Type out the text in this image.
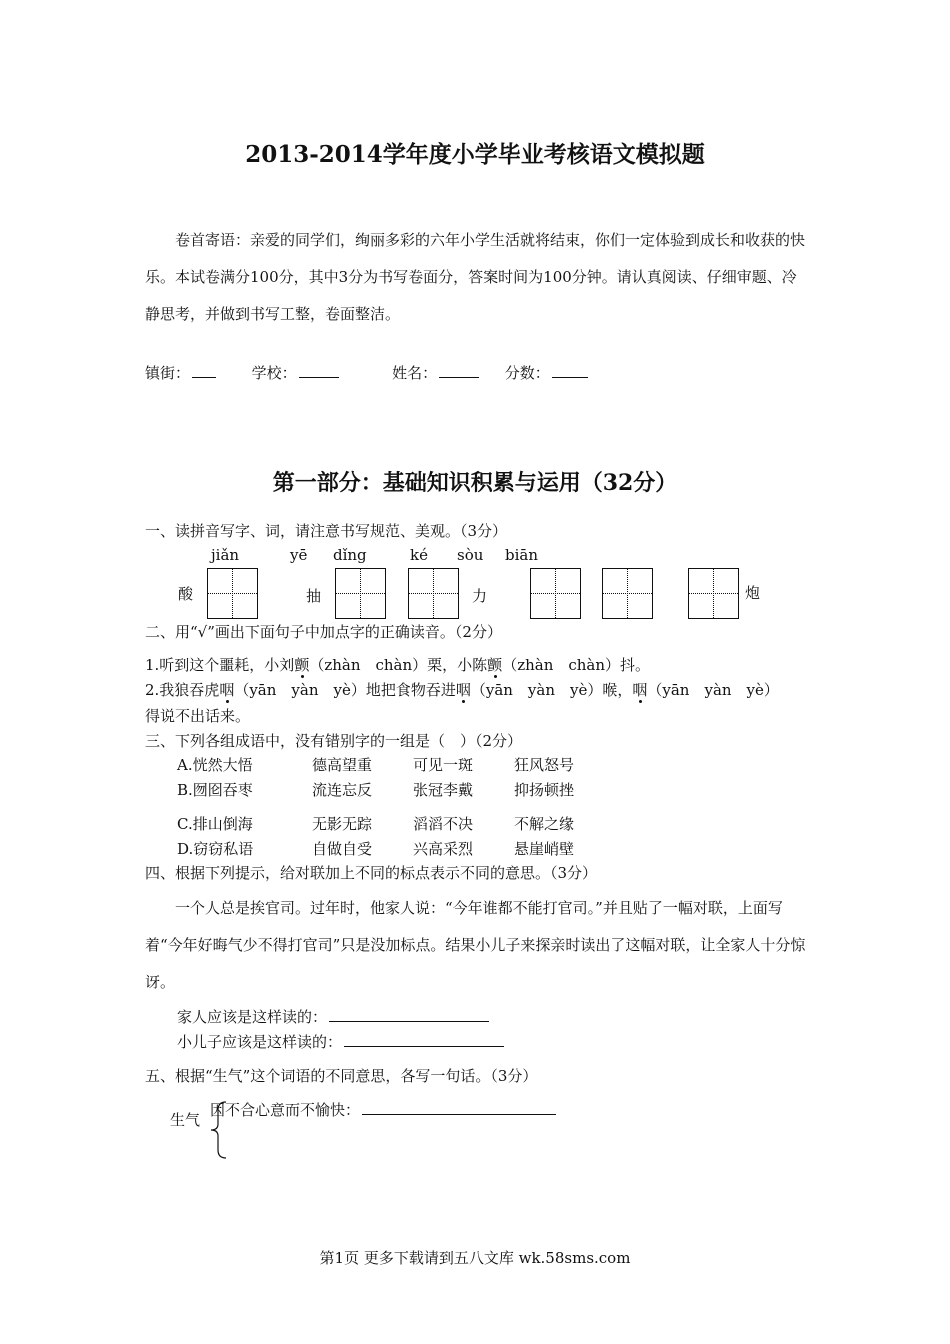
2013-2014学年度小学毕业考核语文模拟题
卷首寄语：亲爱的同学们，绚丽多彩的六年小学生活就将结束，你们一定体验到成长和收获的快乐。本试卷满分100分，其中3分为书写卷面分，答案时间为100分钟。请认真阅读、仔细审题、冷静思考，并做到书写工整，卷面整洁。
镇街：	学校：	姓名：	分数：
第一部分：基础知识积累与运用（32分）
一、读拼音写字、词，请注意书写规范、美观。（3分）
jiǎn	yē dǐng	ké sòu biān
酸	抽	力	炮
二、用“√”画出下面句子中加点字的正确读音。（2分）
1.听到这个噩耗，小刘颤（zhàn　chàn）栗，小陈颤（zhàn　chàn）抖。
2.我狼吞虎咽（yān　yàn　yè）地把食物吞进咽（yān　yàn　yè）喉，咽（yān　yàn　yè）
得说不出话来。
三、下列各组成语中，没有错别字的一组是（　）（2分）
A.恍然大悟	德高望重	可见一斑	狂风怒号
B.囫囵吞枣	流连忘反	张冠李戴	抑扬顿挫
C.排山倒海	无影无踪	滔滔不决	不解之缘
D.窃窃私语	自做自受	兴高采烈	悬崖峭壁
四、根据下列提示，给对联加上不同的标点表示不同的意思。（3分）
一个人总是挨官司。过年时，他家人说：“今年谁都不能打官司。”并且贴了一幅对联，上面写着“今年好晦气少不得打官司”只是没加标点。结果小儿子来探亲时读出了这幅对联，让全家人十分惊讶。
家人应该是这样读的：
小儿子应该是这样读的：
五、根据“生气”这个词语的不同意思，各写一句话。（3分）
生气
因不合心意而不愉快：
第1页 更多下载请到五八文库 wk.58sms.com
